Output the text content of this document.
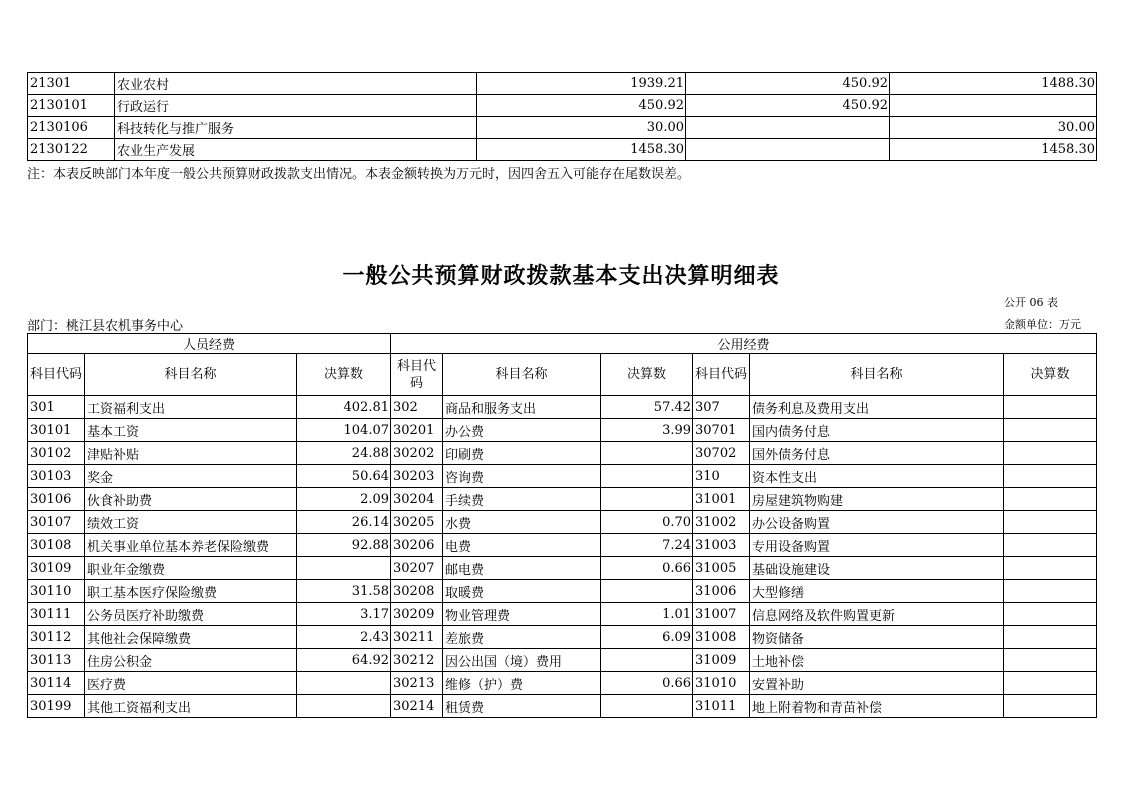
21301	农业农村	1939.21	450.92	1488.30
2130101	行政运行	450.92	450.92	
2130106	科技转化与推广服务	30.00		30.00
2130122	农业生产发展	1458.30		1458.30
注：本表反映部门本年度一般公共预算财政拨款支出情况。本表金额转换为万元时，因四舍五入可能存在尾数误差。
一般公共预算财政拨款基本支出决算明细表
公开 06 表
部门：桃江县农机事务中心	金额单位：万元
人员经费			公用经费					
科目代码	科目名称	决算数	科目代码	科目名称	决算数	科目代码	科目名称	决算数
301	工资福利支出	402.81	302	商品和服务支出	57.42	307	债务利息及费用支出	
30101	基本工资	104.07	30201	办公费	3.99	30701	国内债务付息	
30102	津贴补贴	24.88	30202	印刷费		30702	国外债务付息	
30103	奖金	50.64	30203	咨询费		310	资本性支出	
30106	伙食补助费	2.09	30204	手续费		31001	房屋建筑物购建	
30107	绩效工资	26.14	30205	水费	0.70	31002	办公设备购置	
30108	机关事业单位基本养老保险缴费	92.88	30206	电费	7.24	31003	专用设备购置	
30109	职业年金缴费		30207	邮电费	0.66	31005	基础设施建设	
30110	职工基本医疗保险缴费	31.58	30208	取暖费		31006	大型修缮	
30111	公务员医疗补助缴费	3.17	30209	物业管理费	1.01	31007	信息网络及软件购置更新	
30112	其他社会保障缴费	2.43	30211	差旅费	6.09	31008	物资储备	
30113	住房公积金	64.92	30212	因公出国（境）费用		31009	土地补偿	
30114	医疗费		30213	维修（护）费	0.66	31010	安置补助	
30199	其他工资福利支出		30214	租赁费		31011	地上附着物和青苗补偿	
